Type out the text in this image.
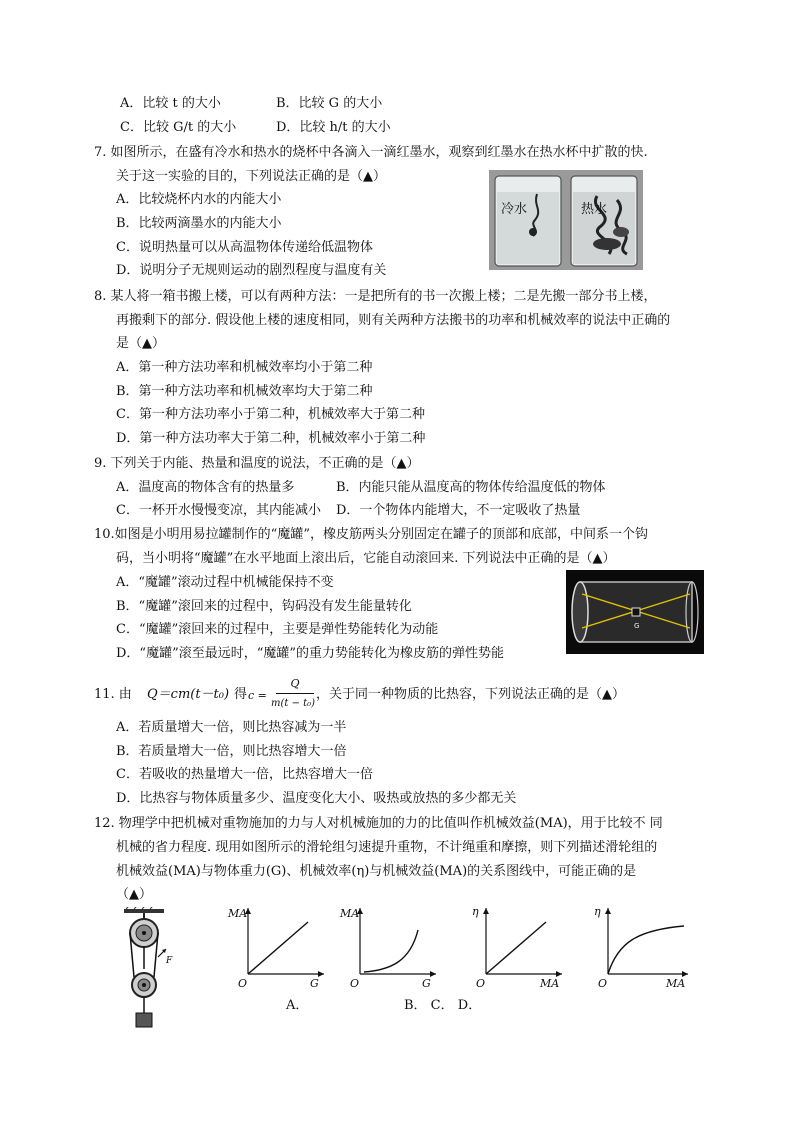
A．比较 t 的大小	B．比较 G 的大小
C．比较 G/t 的大小	D．比较 h/t 的大小
7. 如图所示，在盛有冷水和热水的烧杯中各滴入一滴红墨水，观察到红墨水在热水杯中扩散的快.
关于这一实验的目的，下列说法正确的是（▲）
A．比较烧杯内水的内能大小
B．比较两滴墨水的内能大小
C．说明热量可以从高温物体传递给低温物体
D．说明分子无规则运动的剧烈程度与温度有关
冷水	热水
8. 某人将一箱书搬上楼，可以有两种方法：一是把所有的书一次搬上楼；二是先搬一部分书上楼，
再搬剩下的部分. 假设他上楼的速度相同，则有关两种方法搬书的功率和机械效率的说法中正确的
是（▲）
A．第一种方法功率和机械效率均小于第二种
B．第一种方法功率和机械效率均大于第二种
C．第一种方法功率小于第二种，机械效率大于第二种
D．第一种方法功率大于第二种，机械效率小于第二种
9. 下列关于内能、热量和温度的说法，不正确的是（▲）
A．温度高的物体含有的热量多	B．内能只能从温度高的物体传给温度低的物体
C．一杯开水慢慢变凉，其内能减小 D．一个物体内能增大，不一定吸收了热量
10.如图是小明用易拉罐制作的“魔罐”，橡皮筋两头分别固定在罐子的顶部和底部，中间系一个钩
码，当小明将“魔罐”在水平地面上滚出后，它能自动滚回来. 下列说法中正确的是（▲）
A．“魔罐”滚动过程中机械能保持不变
B．“魔罐”滚回来的过程中，钩码没有发生能量转化
C．“魔罐”滚回来的过程中，主要是弹性势能转化为动能
D．“魔罐”滚至最远时，“魔罐”的重力势能转化为橡皮筋的弹性势能
G
11. 由 Q＝cm(t－t₀) 得 c =
Q
m(t − t₀)
，关于同一种物质的比热容，下列说法正确的是（▲）
A．若质量增大一倍，则比热容减为一半
B．若质量增大一倍，则比热容增大一倍
C．若吸收的热量增大一倍，比热容增大一倍
D．比热容与物体质量多少、温度变化大小、吸热或放热的多少都无关
12. 物理学中把机械对重物施加的力与人对机械施加的力的比值叫作机械效益(MA)，用于比较不 同
机械的省力程度. 现用如图所示的滑轮组匀速提升重物，不计绳重和摩擦，则下列描述滑轮组的
机械效益(MA)与物体重力(G)、机械效率(η)与机械效益(MA)的关系图线中，可能正确的是
（▲）
F
MA
G
O
MA
G
O
η
MA
O
η
MA
O
A．	B． C． D．
